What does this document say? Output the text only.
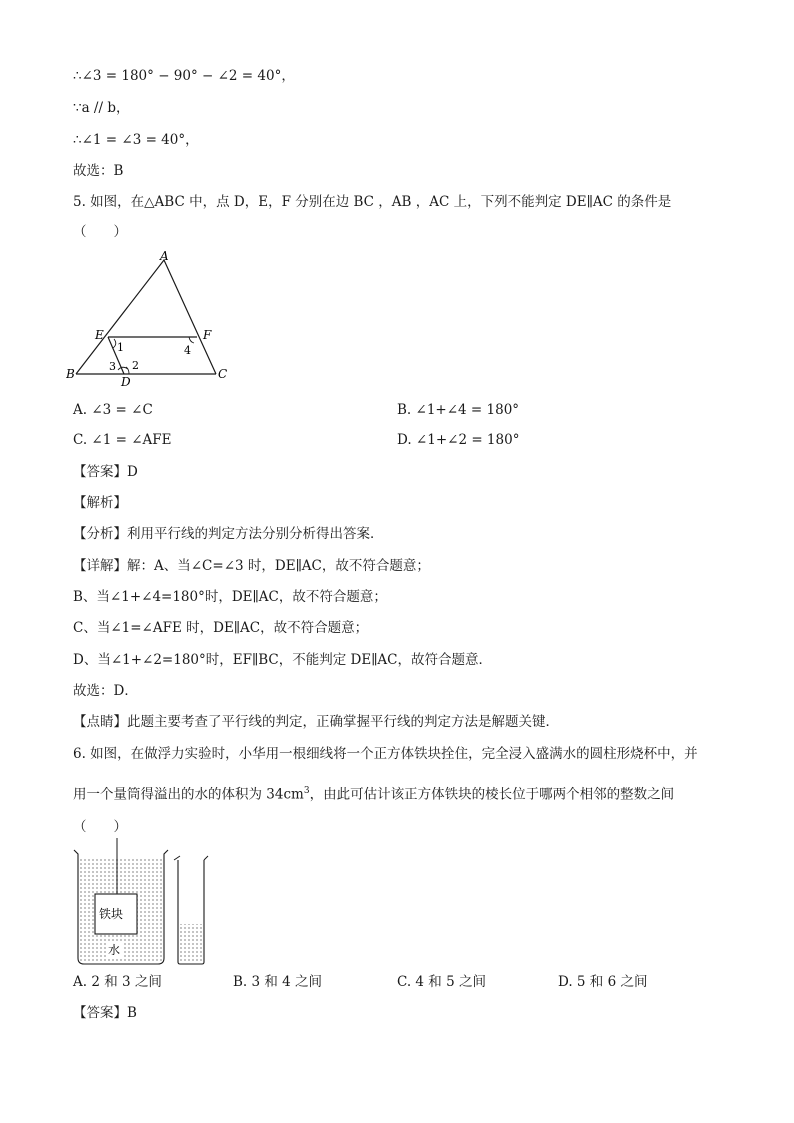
∴∠3 = 180° − 90° − ∠2 = 40°，
∵a // b，
∴∠1 = ∠3 = 40°，
故选：B
5. 如图，在△ABC 中，点 D，E，F 分别在边 BC ，AB ，AC 上，下列不能判定 DE∥AC 的条件是
（　　）
A
B	C
D
E	F
1
2
3
4
A. ∠3 = ∠C	B. ∠1+∠4 = 180°
C. ∠1 = ∠AFE	D. ∠1+∠2 = 180°
【答案】D
【解析】
【分析】利用平行线的判定方法分别分析得出答案．
【详解】解：A、当∠C=∠3 时，DE∥AC，故不符合题意；
B、当∠1+∠4=180°时，DE∥AC，故不符合题意；
C、当∠1=∠AFE 时，DE∥AC，故不符合题意；
D、当∠1+∠2=180°时，EF∥BC，不能判定 DE∥AC，故符合题意．
故选：D．
【点睛】此题主要考查了平行线的判定，正确掌握平行线的判定方法是解题关键．
6. 如图，在做浮力实验时，小华用一根细线将一个正方体铁块拴住，完全浸入盛满水的圆柱形烧杯中，并
用一个量筒得溢出的水的体积为 $34cm^3$，由此可估计该正方体铁块的棱长位于哪两个相邻的整数之间
（　　）
铁块
水
A. 2 和 3 之间	B. 3 和 4 之间	C. 4 和 5 之间	D. 5 和 6 之间
【答案】B
